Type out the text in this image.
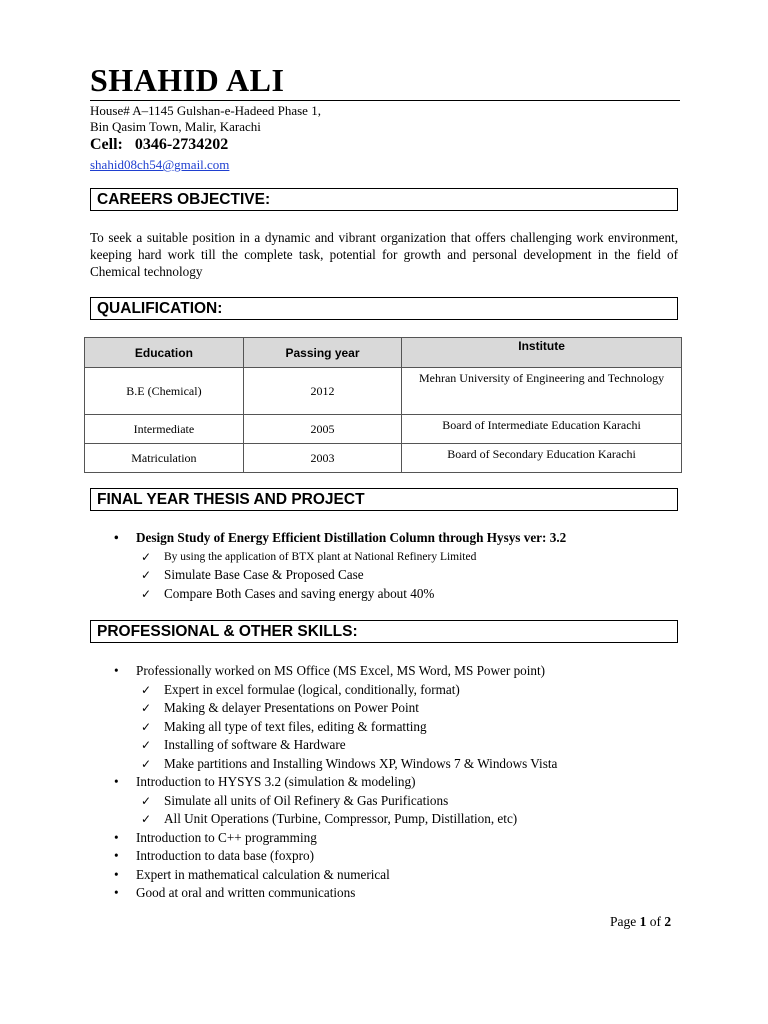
SHAHID ALI
House# A–1145 Gulshan-e-Hadeed Phase 1,
Bin Qasim Town, Malir, Karachi
Cell: 0346-2734202
shahid08ch54@gmail.com
CAREERS OBJECTIVE:
To seek a suitable position in a dynamic and vibrant organization that offers challenging work environment, keeping hard work till the complete task, potential for growth and personal development in the field of Chemical technology
QUALIFICATION:
Education	Passing year	Institute
B.E (Chemical)	2012	Mehran University of Engineering and Technology
Intermediate	2005	Board of Intermediate Education Karachi
Matriculation	2003	Board of Secondary Education Karachi
FINAL YEAR THESIS AND PROJECT
• Design Study of Energy Efficient Distillation Column through Hysys ver: 3.2
✓ By using the application of BTX plant at National Refinery Limited
✓ Simulate Base Case & Proposed Case
✓ Compare Both Cases and saving energy about 40%
PROFESSIONAL & OTHER SKILLS:
• Professionally worked on MS Office (MS Excel, MS Word, MS Power point)
✓ Expert in excel formulae (logical, conditionally, format)
✓ Making & delayer Presentations on Power Point
✓ Making all type of text files, editing & formatting
✓ Installing of software & Hardware
✓ Make partitions and Installing Windows XP, Windows 7 & Windows Vista
• Introduction to HYSYS 3.2 (simulation & modeling)
✓ Simulate all units of Oil Refinery & Gas Purifications
✓ All Unit Operations (Turbine, Compressor, Pump, Distillation, etc)
• Introduction to C++ programming
• Introduction to data base (foxpro)
• Expert in mathematical calculation & numerical
• Good at oral and written communications
Page 1 of 2
